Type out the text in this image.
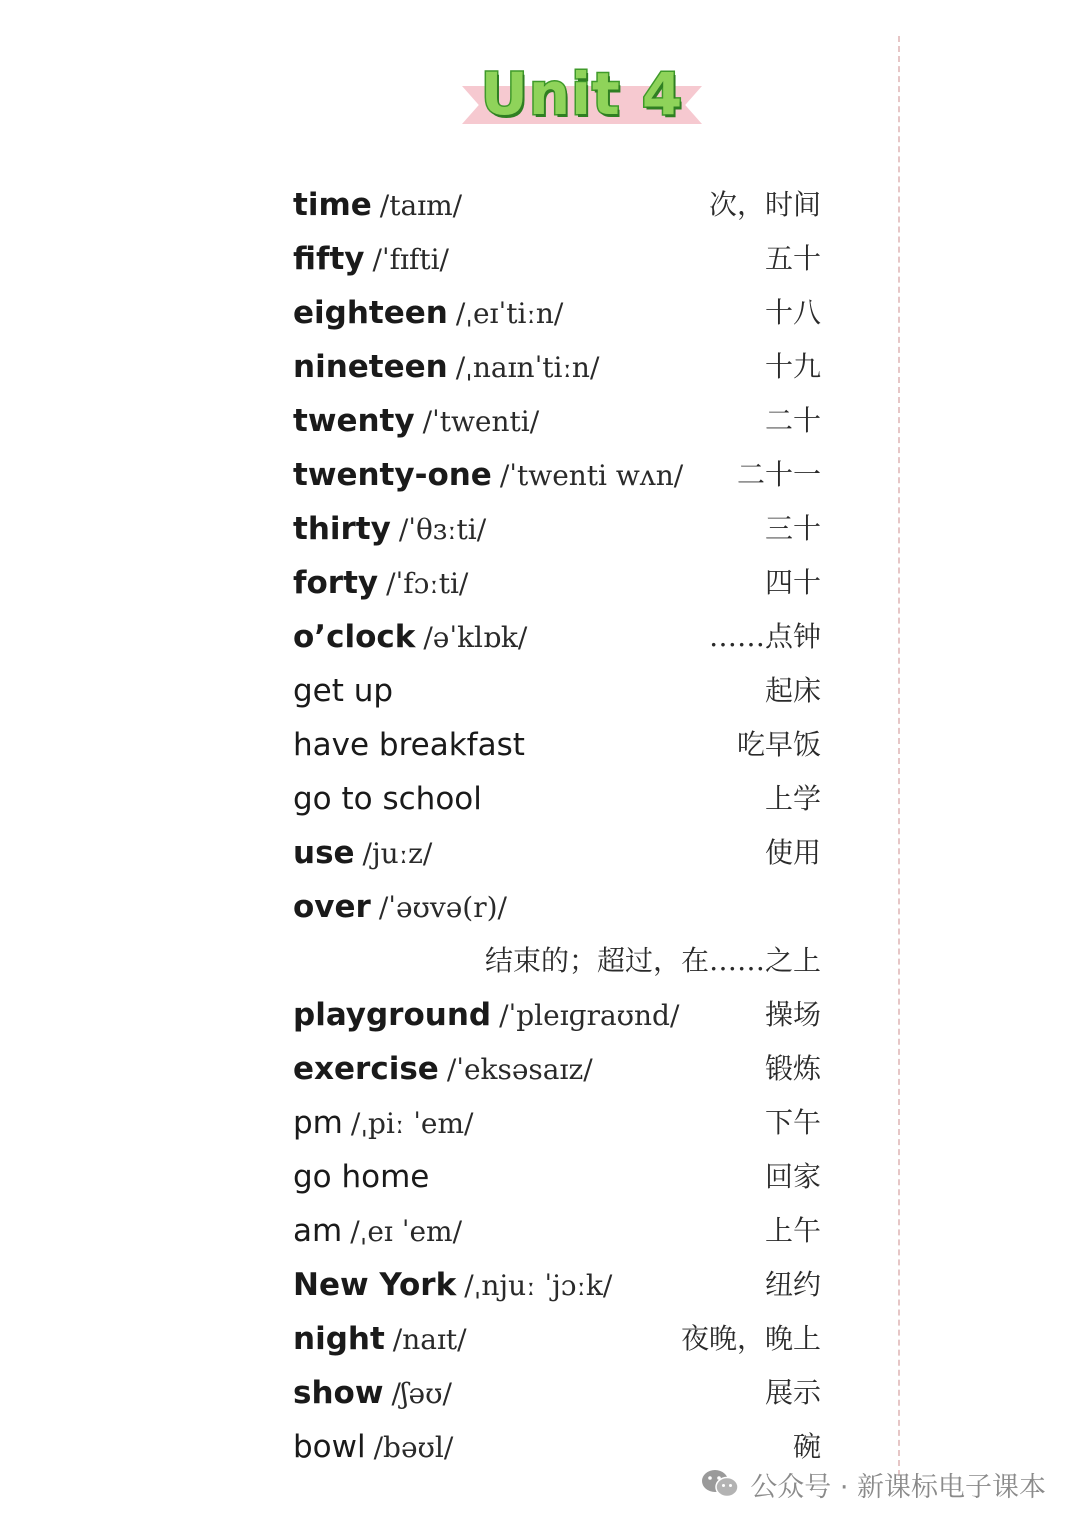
Unit 4
time /taɪm/	次，时间
fifty /ˈfɪfti/	五十
eighteen /ˌeɪˈtiːn/	十八
nineteen /ˌnaɪnˈtiːn/	十九
twenty /ˈtwenti/	二十
twenty-one /ˈtwenti wʌn/ 二十一
thirty /ˈθɜːti/	三十
forty /ˈfɔːti/	四十
o’clock /əˈklɒk/	……点钟
get up	起床
have breakfast	吃早饭
go to school	上学
use /juːz/	使用
over /ˈəʊvə(r)/
结束的；超过，在……之上
playground /ˈpleɪɡraʊnd/	操场
exercise /ˈeksəsaɪz/	锻炼
pm /ˌpiː ˈem/	下午
go home	回家
am /ˌeɪ ˈem/	上午
New York /ˌnjuː ˈjɔːk/	纽约
night /naɪt/	夜晚，晚上
show /ʃəʊ/	展示
bowl /bəʊl/	碗
公众号 · 新课标电子课本
